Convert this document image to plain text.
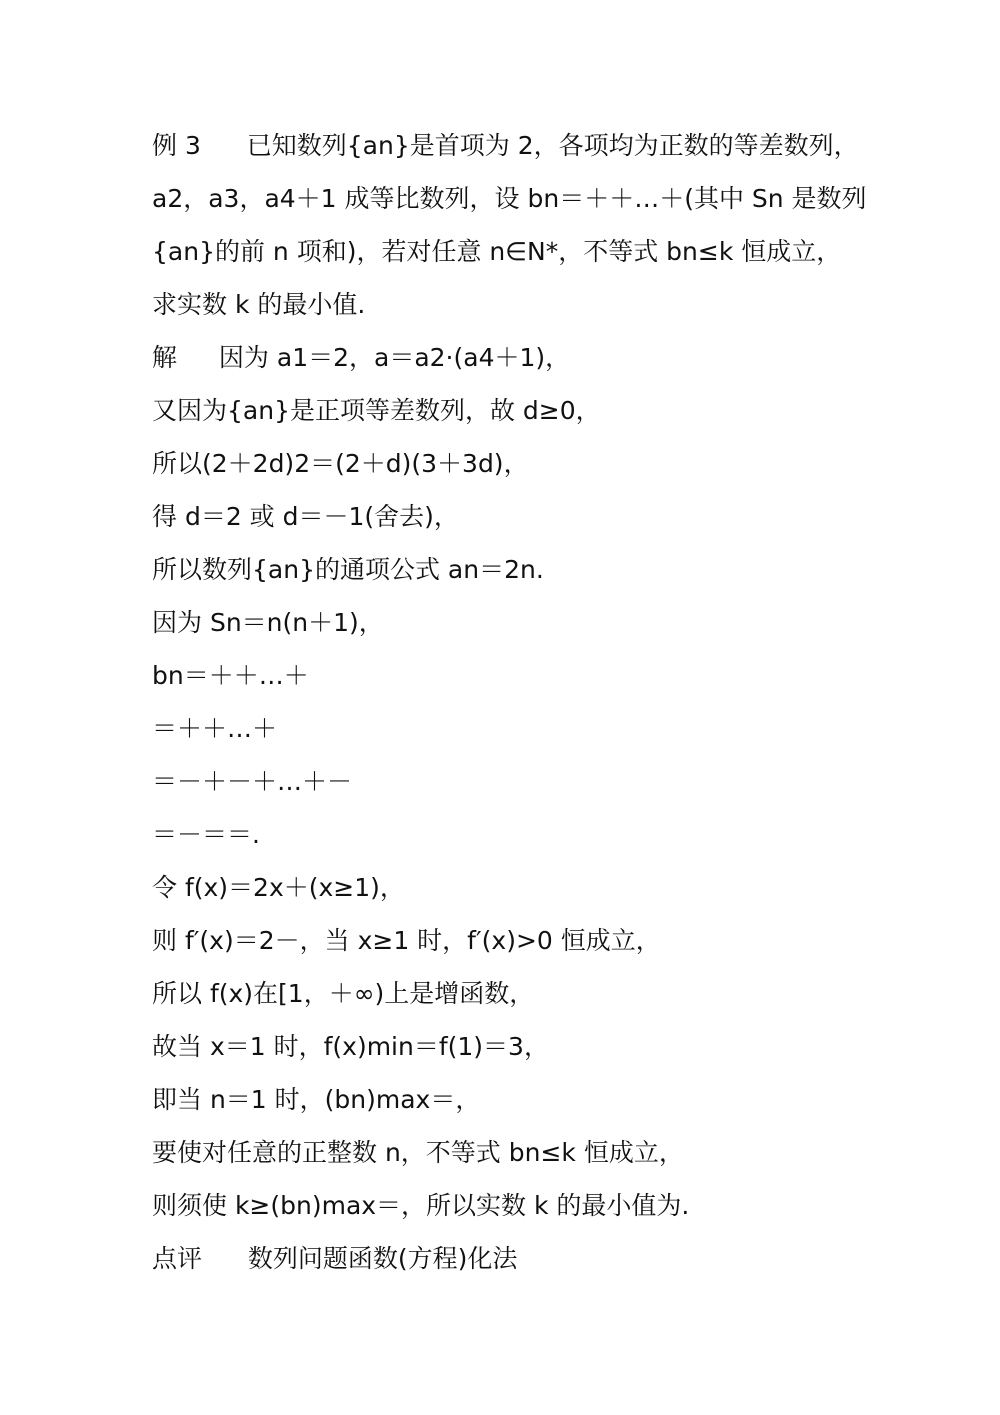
例 3 已知数列{an}是首项为 2，各项均为正数的等差数列，
a2，a3，a4＋1 成等比数列，设 bn＝＋＋…＋(其中 Sn 是数列
{an}的前 n 项和)，若对任意 n∈N*，不等式 bn≤k 恒成立，
求实数 k 的最小值.
解 因为 a1＝2，a＝a2·(a4＋1)，
又因为{an}是正项等差数列，故 d≥0，
所以(2＋2d)2＝(2＋d)(3＋3d)，
得 d＝2 或 d＝－1(舍去)，
所以数列{an}的通项公式 an＝2n.
因为 Sn＝n(n＋1)，
bn＝＋＋…＋
＝＋＋…＋
＝－＋－＋…＋－
＝－＝＝.
令 f(x)＝2x＋(x≥1)，
则 f′(x)＝2－，当 x≥1 时，f′(x)>0 恒成立，
所以 f(x)在[1，＋∞)上是增函数，
故当 x＝1 时，f(x)min＝f(1)＝3，
即当 n＝1 时，(bn)max＝，
要使对任意的正整数 n，不等式 bn≤k 恒成立，
则须使 k≥(bn)max＝，所以实数 k 的最小值为.
点评 数列问题函数(方程)化法
